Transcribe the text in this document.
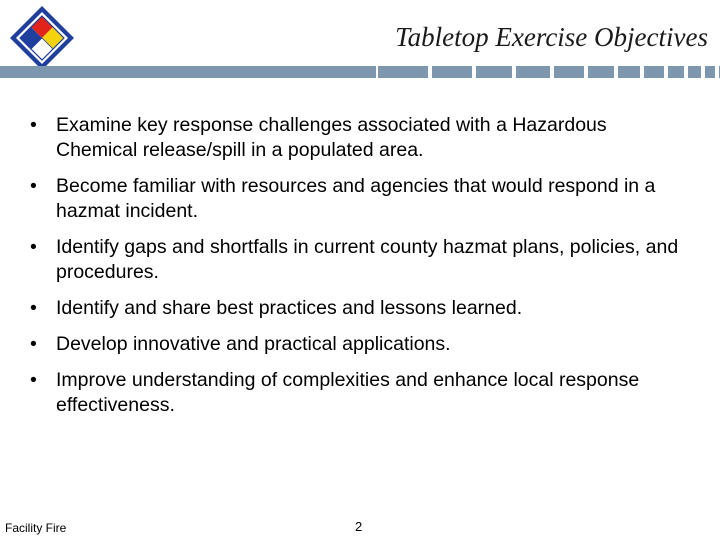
Tabletop Exercise Objectives
• Examine key response challenges associated with a Hazardous Chemical release/spill in a populated area.
• Become familiar with resources and agencies that would respond in a hazmat incident.
• Identify gaps and shortfalls in current county hazmat plans, policies, and procedures.
• Identify and share best practices and lessons learned.
• Develop innovative and practical applications.
• Improve understanding of complexities and enhance local response effectiveness.
Facility Fire	2
